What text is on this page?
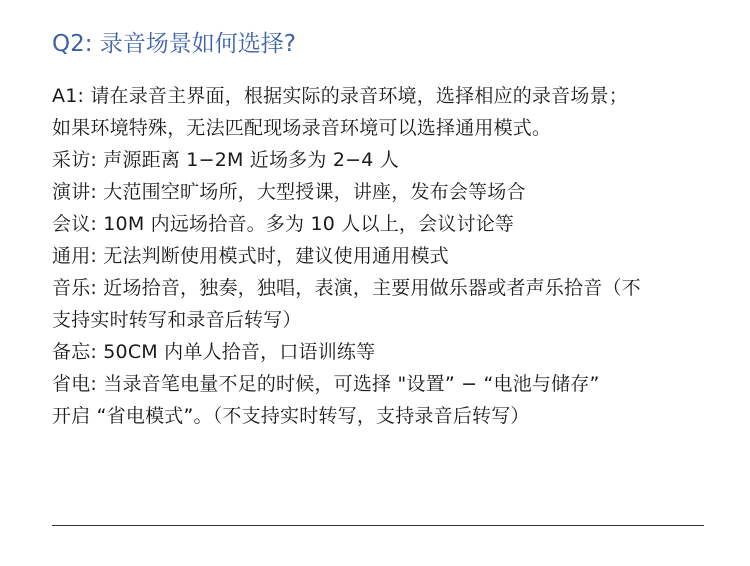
Q2: 录音场景如何选择?
A1: 请在录音主界面，根据实际的录音环境，选择相应的录音场景；
如果环境特殊，无法匹配现场录音环境可以选择通用模式。
采访: 声源距离 1−2M 近场多为 2−4 人
演讲: 大范围空旷场所，大型授课，讲座，发布会等场合
会议: 10M 内远场拾音。多为 10 人以上，会议讨论等
通用: 无法判断使用模式时，建议使用通用模式
音乐: 近场拾音，独奏，独唱，表演，主要用做乐器或者声乐拾音（不
支持实时转写和录音后转写）
备忘: 50CM 内单人拾音，口语训练等
省电: 当录音笔电量不足的时候，可选择 "设置” − “电池与储存”
开启 “省电模式”。（不支持实时转写，支持录音后转写）
